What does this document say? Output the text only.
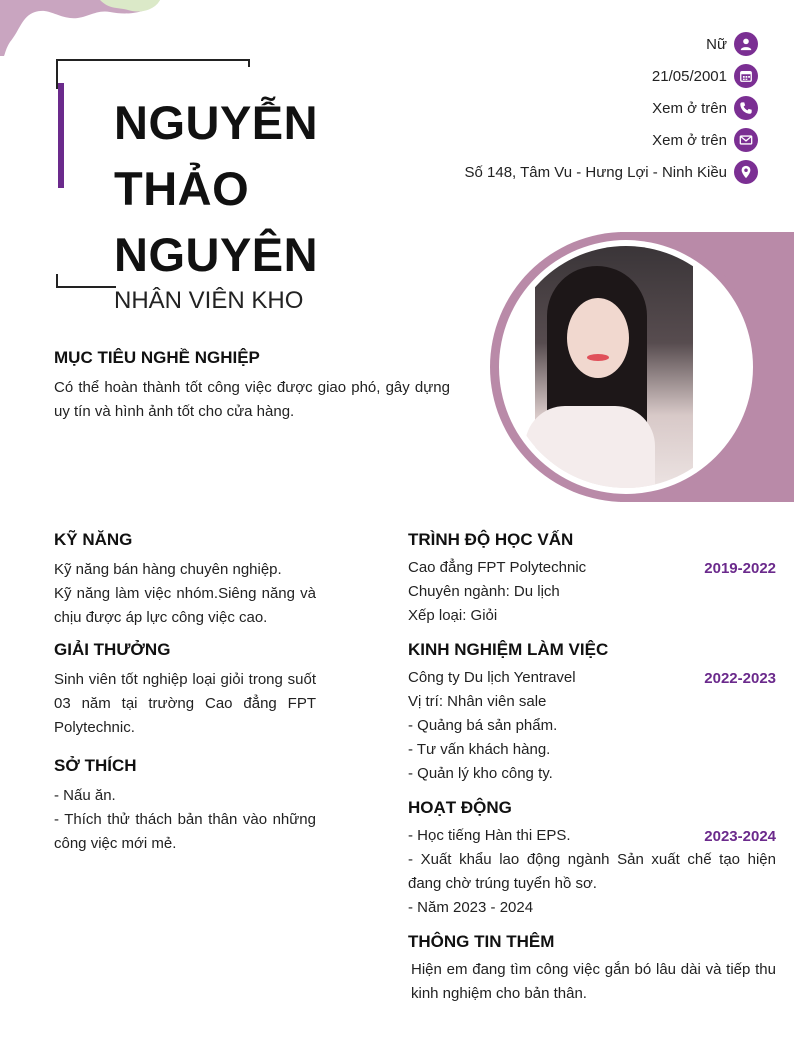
NGUYỄN
THẢO
NGUYÊN
NHÂN VIÊN KHO
Nữ
21/05/2001
Xem ở trên
Xem ở trên
Số 148, Tâm Vu - Hưng Lợi - Ninh Kiều
MỤC TIÊU NGHỀ NGHIỆP

Có thể hoàn thành tốt công việc được giao phó, gây dựng uy tín và hình ảnh tốt cho cửa hàng.

KỸ NĂNG

Kỹ năng bán hàng chuyên nghiệp.

Kỹ năng làm việc nhóm.Siêng năng và chịu được áp lực công việc cao.

GIẢI THƯỞNG

Sinh viên tốt nghiệp loại giỏi trong suốt 03 năm tại trường Cao đẳng FPT Polytechnic.

SỞ THÍCH

- Nấu ăn.

- Thích thử thách bản thân vào những công việc mới mẻ.

TRÌNH ĐỘ HỌC VẤN
Cao đẳng FPT Polytechnic	2019-2022

Chuyên ngành: Du lịch

Xếp loại: Giỏi

KINH NGHIỆM LÀM VIỆC
Công ty Du lịch Yentravel	2022-2023

Vị trí: Nhân viên sale

- Quảng bá sản phẩm.

- Tư vấn khách hàng.

- Quản lý kho công ty.

HOẠT ĐỘNG
- Học tiếng Hàn thi EPS.	2023-2024

- Xuất khẩu lao động ngành Sản xuất chế tạo hiện đang chờ trúng tuyển hồ sơ.

- Năm 2023 - 2024

THÔNG TIN THÊM

Hiện em đang tìm công việc gắn bó lâu dài và tiếp thu kinh nghiệm cho bản thân.
